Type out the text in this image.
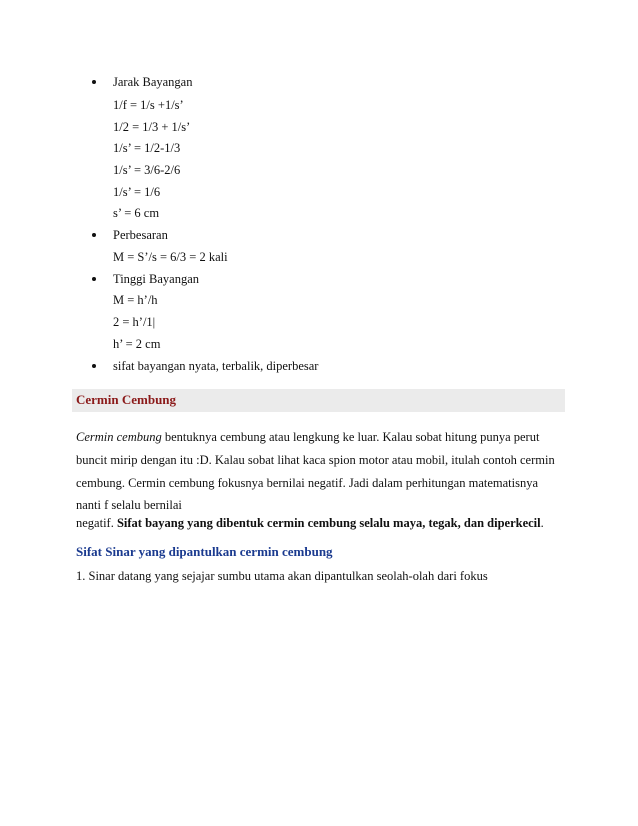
Jarak Bayangan
1/f = 1/s +1/s’
1/2 = 1/3 + 1/s’
1/s’ = 1/2-1/3
1/s’ = 3/6-2/6
1/s’ = 1/6
s’ = 6 cm
Perbesaran
M = S’/s = 6/3 = 2 kali
Tinggi Bayangan
M = h’/h
2 = h’/1|
h’ = 2 cm
sifat bayangan nyata, terbalik, diperbesar
Cermin Cembung
Cermin cembung bentuknya cembung atau lengkung ke luar. Kalau sobat hitung punya perut
buncit mirip dengan itu :D. Kalau sobat lihat kaca spion motor atau mobil, itulah contoh cermin
cembung. Cermin cembung fokusnya bernilai negatif. Jadi dalam perhitungan matematisnya
nanti f selalu bernilai
negatif. Sifat bayang yang dibentuk cermin cembung selalu maya, tegak, dan diperkecil.
Sifat Sinar yang dipantulkan cermin cembung
1. Sinar datang yang sejajar sumbu utama akan dipantulkan seolah-olah dari fokus
